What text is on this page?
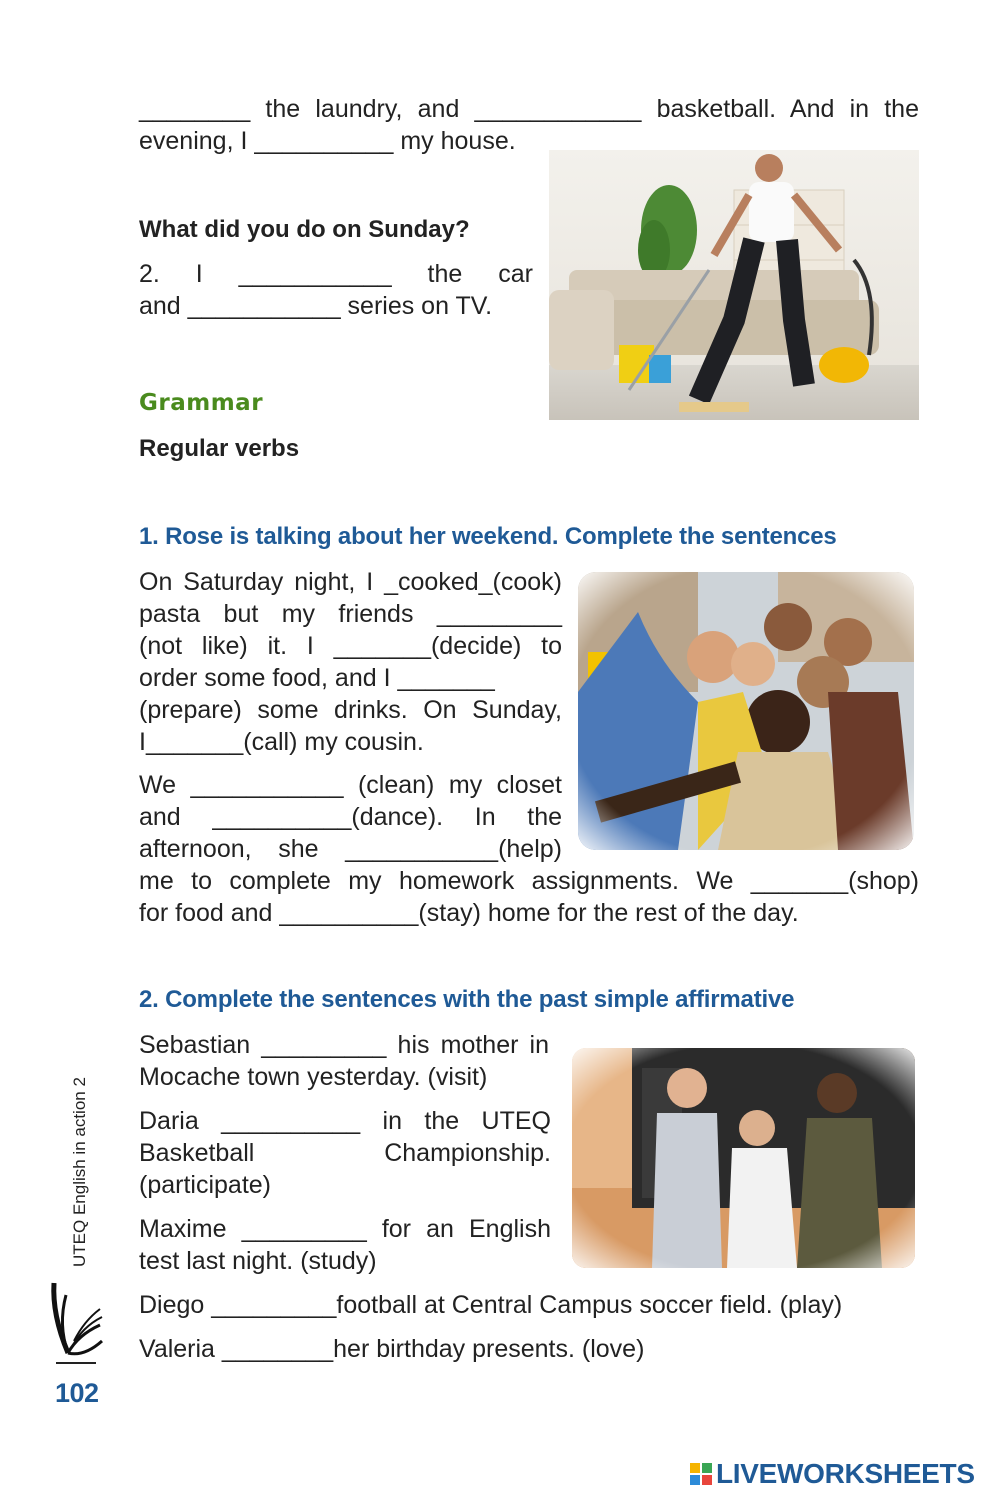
________ the laundry, and ____________ basketball. And in the
evening, I __________ my house.
What did you do on Sunday?
2. I ___________ the car
and ___________ series on TV.
Grammar
Regular verbs
1. Rose is talking about her weekend. Complete the sentences
On Saturday night, I _cooked_(cook)
pasta but my friends _________
(not like) it. I _______(decide) to
order some food, and I _______
(prepare) some drinks. On Sunday,
I_______(call) my cousin.
We ___________ (clean) my closet
and __________(dance). In the
afternoon, she ___________(help)
me to complete my homework assignments. We _______(shop)
for food and __________(stay) home for the rest of the day.
2. Complete the sentences with the past simple affirmative
Sebastian _________ his mother in
Mocache town yesterday. (visit)
Daria __________ in the UTEQ
Basketball Championship.
(participate)
Maxime _________ for an English
test last night. (study)
Diego _________football at Central Campus soccer field. (play)
Valeria ________her birthday presents. (love)
UTEQ English in action 2
102
LIVEWORKSHEETS
